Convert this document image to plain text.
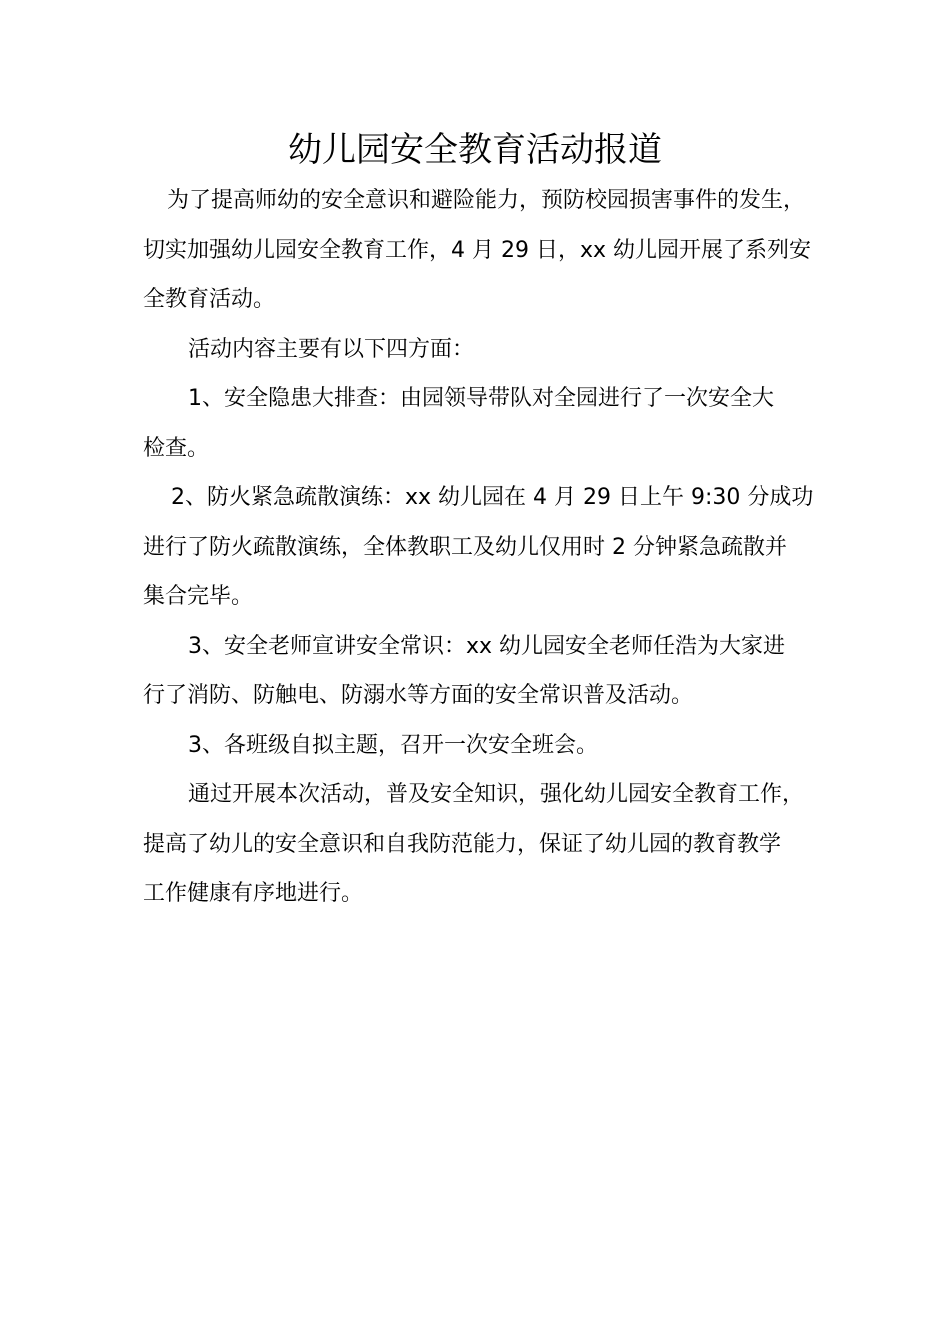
幼儿园安全教育活动报道

为了提高师幼的安全意识和避险能力，预防校园损害事件的发生，
切实加强幼儿园安全教育工作，4 月 29 日，xx 幼儿园开展了系列安
全教育活动。

活动内容主要有以下四方面：

1、安全隐患大排查：由园领导带队对全园进行了一次安全大
检查。

2、防火紧急疏散演练：xx 幼儿园在 4 月 29 日上午 9:30 分成功
进行了防火疏散演练，全体教职工及幼儿仅用时 2 分钟紧急疏散并
集合完毕。

3、安全老师宣讲安全常识：xx 幼儿园安全老师任浩为大家进
行了消防、防触电、防溺水等方面的安全常识普及活动。

3、各班级自拟主题，召开一次安全班会。

通过开展本次活动，普及安全知识，强化幼儿园安全教育工作，
提高了幼儿的安全意识和自我防范能力，保证了幼儿园的教育教学
工作健康有序地进行。
